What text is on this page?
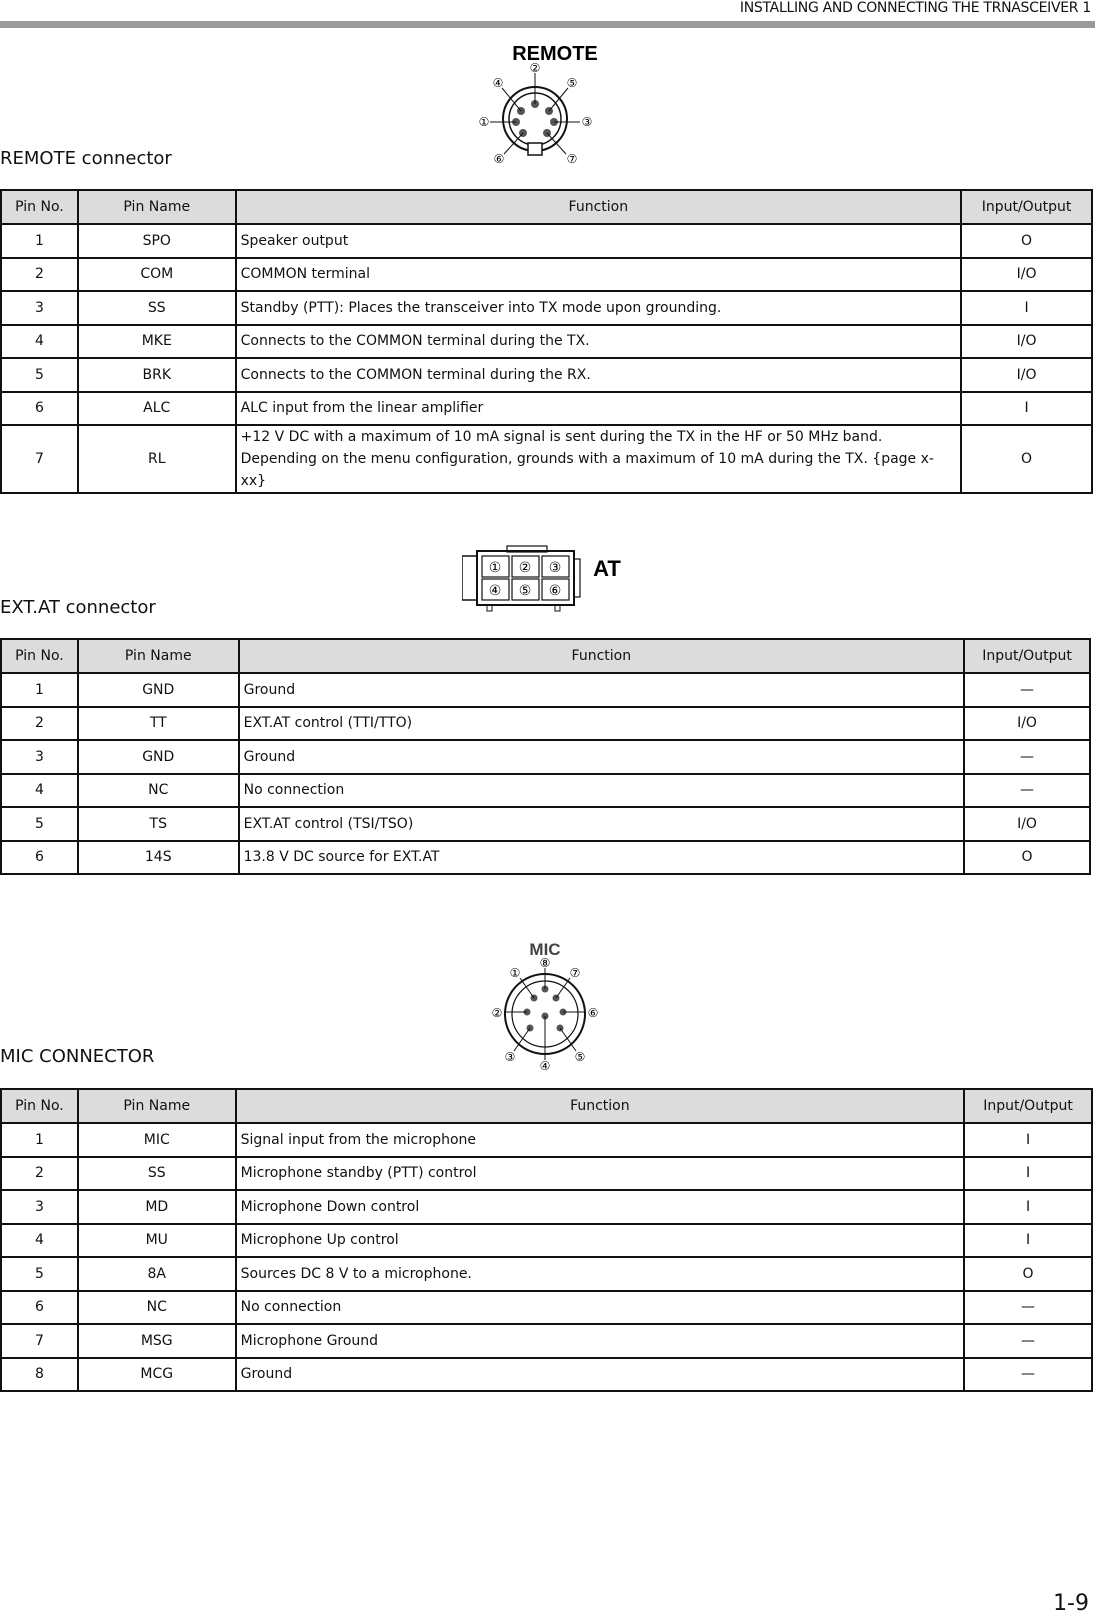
INSTALLING AND CONNECTING THE TRNASCEIVER 1
REMOTE
①
②
③
④	⑤
⑥	⑦
REMOTE connector
Pin No.	Pin Name	Function	Input/Output
1	SPO	Speaker output	O
2	COM	COMMON terminal	I/O
3	SS	Standby (PTT): Places the transceiver into TX mode upon grounding.	I
4	MKE	Connects to the COMMON terminal during the TX.	I/O
5	BRK	Connects to the COMMON terminal during the RX.	I/O
6	ALC	ALC input from the linear amplifier	I
7	RL	+12 V DC with a maximum of 10 mA signal is sent during the TX in the HF or 50 MHz band. Depending on the menu configuration, grounds with a maximum of 10 mA during the TX. {page x-xx}	O
① ② ③
④ ⑤ ⑥
AT
EXT.AT connector
Pin No.	Pin Name	Function	Input/Output
1	GND	Ground	—
2	TT	EXT.AT control (TTI/TTO)	I/O
3	GND	Ground	—
4	NC	No connection	—
5	TS	EXT.AT control (TSI/TSO)	I/O
6	14S	13.8 V DC source for EXT.AT	O
MIC
①
②
③
④
⑤
⑥
⑦
⑧
MIC CONNECTOR
Pin No.	Pin Name	Function	Input/Output
1	MIC	Signal input from the microphone	I
2	SS	Microphone standby (PTT) control	I
3	MD	Microphone Down control	I
4	MU	Microphone Up control	I
5	8A	Sources DC 8 V to a microphone.	O
6	NC	No connection	—
7	MSG	Microphone Ground	—
8	MCG	Ground	—
1-9
